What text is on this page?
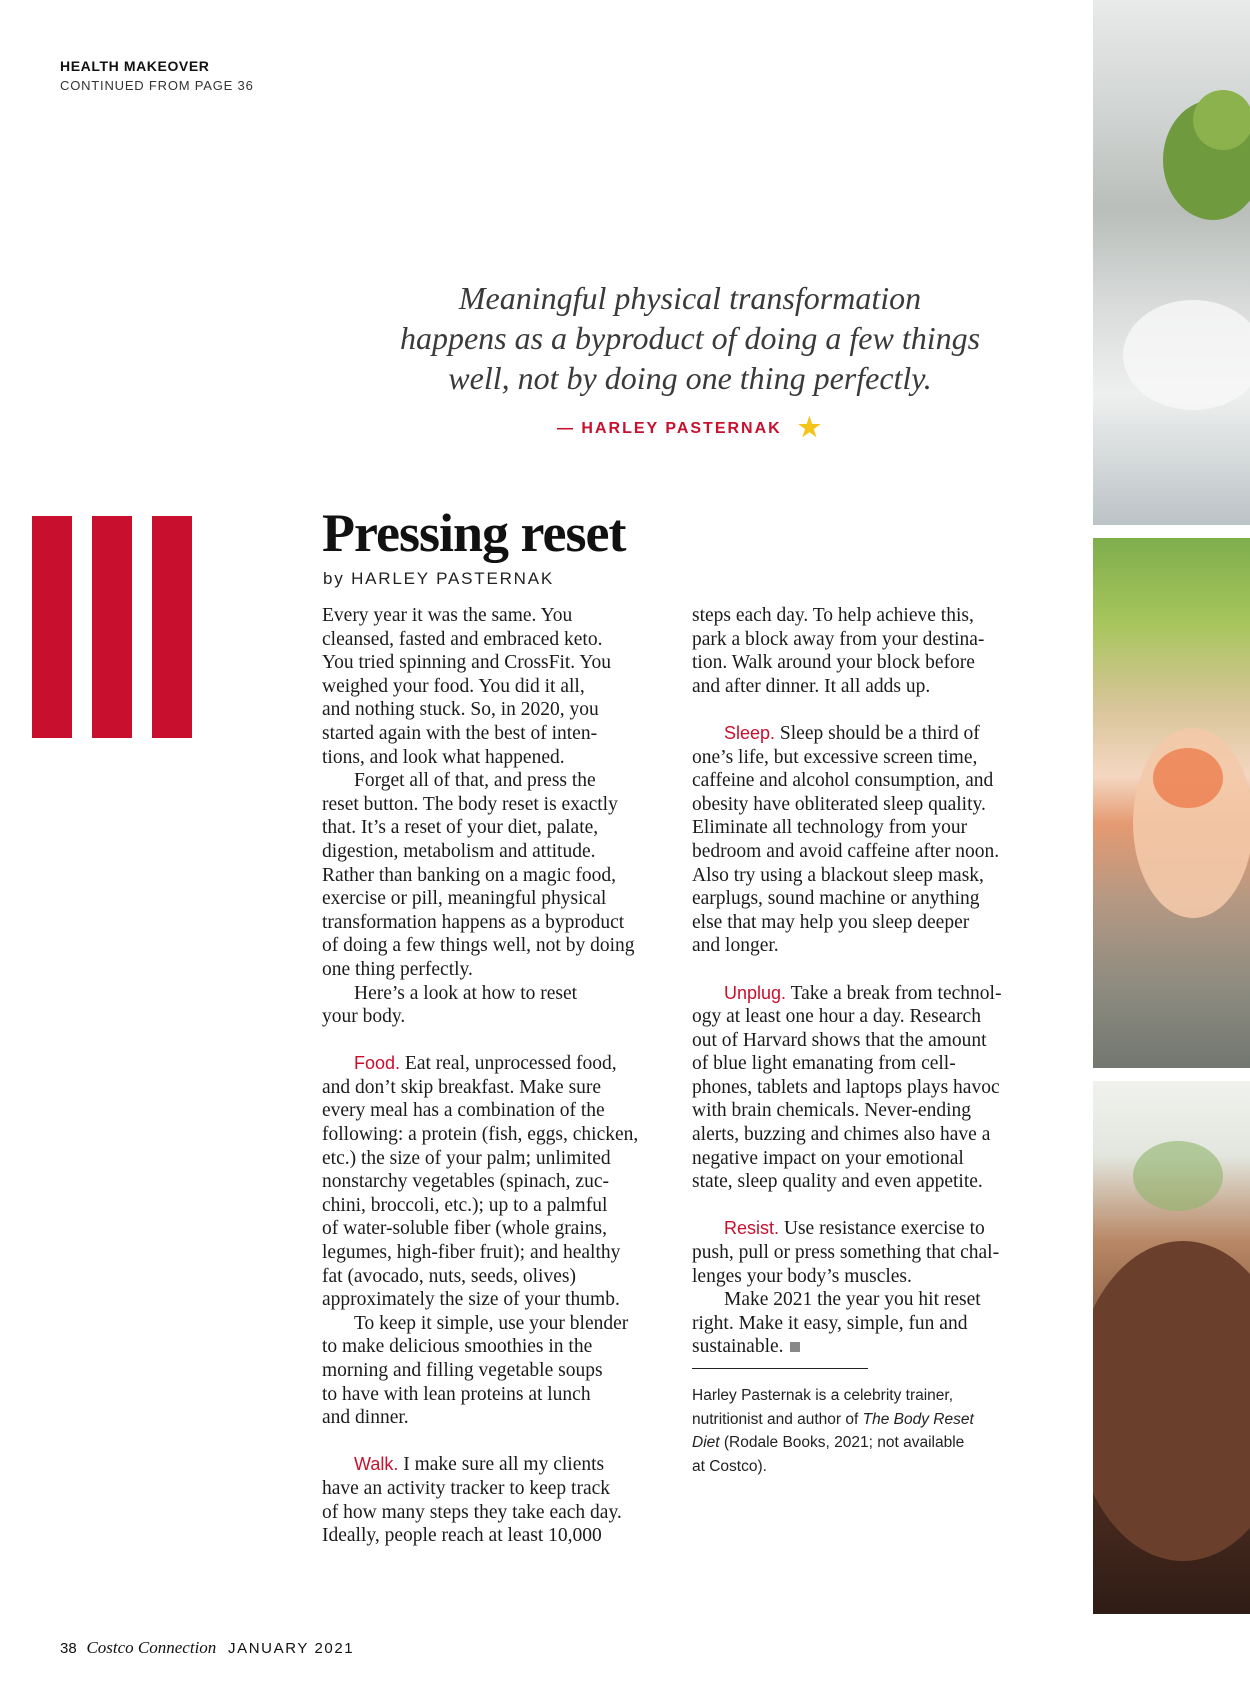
HEALTH MAKEOVER
CONTINUED FROM PAGE 36
Meaningful physical transformation
happens as a byproduct of doing a few things
well, not by doing one thing perfectly.
— HARLEY PASTERNAK ★
Pressing reset
by HARLEY PASTERNAK

Every year it was the same. You
cleansed, fasted and embraced keto.
You tried spinning and CrossFit. You
weighed your food. You did it all,
and nothing stuck. So, in 2020, you
started again with the best of inten-
tions, and look what happened.

Forget all of that, and press the
reset button. The body reset is exactly
that. It’s a reset of your diet, palate,
digestion, metabolism and attitude.
Rather than banking on a magic food,
exercise or pill, meaningful physical
transformation happens as a byproduct
of doing a few things well, not by doing
one thing perfectly.

Here’s a look at how to reset
your body.

Food. Eat real, unprocessed food,
and don’t skip breakfast. Make sure
every meal has a combination of the
following: a protein (fish, eggs, chicken,
etc.) the size of your palm; unlimited
nonstarchy vegetables (spinach, zuc-
chini, broccoli, etc.); up to a palmful
of water-soluble fiber (whole grains,
legumes, high-fiber fruit); and healthy
fat (avocado, nuts, seeds, olives)
approximately the size of your thumb.

To keep it simple, use your blender
to make delicious smoothies in the
morning and filling vegetable soups
to have with lean proteins at lunch
and dinner.

Walk. I make sure all my clients
have an activity tracker to keep track
of how many steps they take each day.
Ideally, people reach at least 10,000

steps each day. To help achieve this,
park a block away from your destina-
tion. Walk around your block before
and after dinner. It all adds up.

Sleep. Sleep should be a third of
one’s life, but excessive screen time,
caffeine and alcohol consumption, and
obesity have obliterated sleep quality.
Eliminate all technology from your
bedroom and avoid caffeine after noon.
Also try using a blackout sleep mask,
earplugs, sound machine or anything
else that may help you sleep deeper
and longer.

Unplug. Take a break from technol-
ogy at least one hour a day. Research
out of Harvard shows that the amount
of blue light emanating from cell-
phones, tablets and laptops plays havoc
with brain chemicals. Never-ending
alerts, buzzing and chimes also have a
negative impact on your emotional
state, sleep quality and even appetite.

Resist. Use resistance exercise to
push, pull or press something that chal-
lenges your body’s muscles.

Make 2021 the year you hit reset
right. Make it easy, simple, fun and
sustainable.

Harley Pasternak is a celebrity trainer,
nutritionist and author of The Body Reset
Diet (Rodale Books, 2021; not available
at Costco).
38 Costco Connection JANUARY 2021
